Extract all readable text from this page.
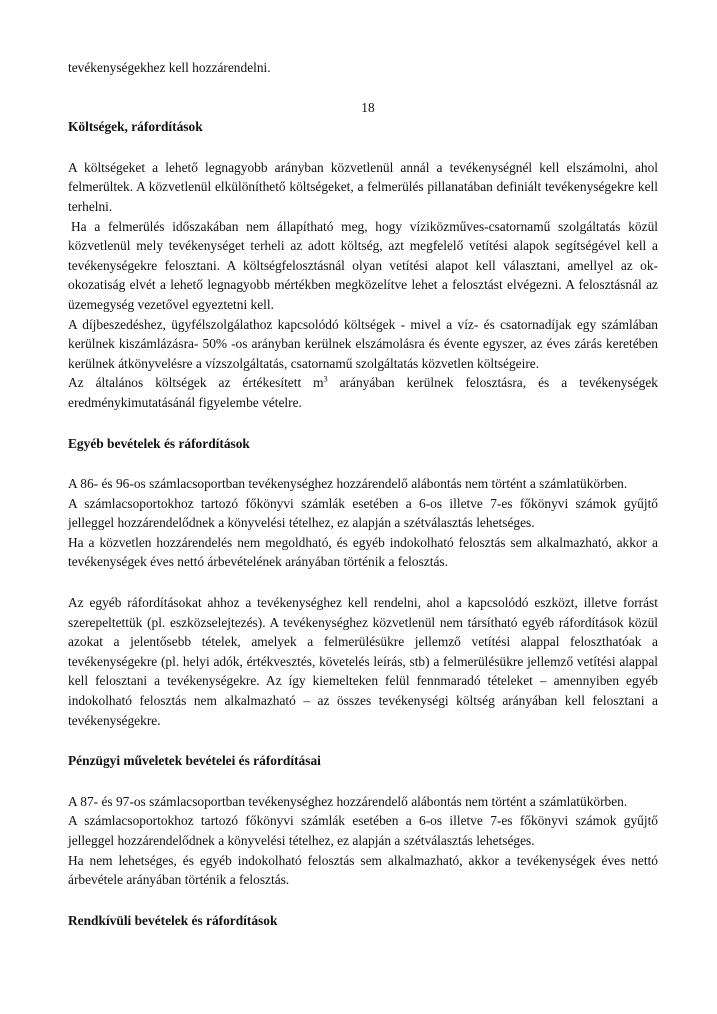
tevékenységekhez kell hozzárendelni.

18

Költségek, ráfordítások

A költségeket a lehető legnagyobb arányban közvetlenül annál a tevékenységnél kell elszámolni, ahol felmerültek. A közvetlenül elkülöníthető költségeket, a felmerülés pillanatában definiált tevékenységekre kell terhelni.

Ha a felmerülés időszakában nem állapítható meg, hogy víziközműves-csatornamű szolgáltatás közül közvetlenül mely tevékenységet terheli az adott költség, azt megfelelő vetítési alapok segítségével kell a tevékenységekre felosztani. A költségfelosztásnál olyan vetítési alapot kell választani, amellyel az ok-okozatiság elvét a lehető legnagyobb mértékben megközelítve lehet a felosztást elvégezni. A felosztásnál az üzemegység vezetővel egyeztetni kell.

A díjbeszedéshez, ügyfélszolgálathoz kapcsolódó költségek - mivel a víz- és csatornadíjak egy számlában kerülnek kiszámlázásra- 50% -os arányban kerülnek elszámolásra és évente egyszer, az éves zárás keretében kerülnek átkönyvelésre a vízszolgáltatás, csatornamű szolgáltatás közvetlen költségeire.

Az általános költségek az értékesített $m^3$ arányában kerülnek felosztásra, és a tevékenységek eredménykimutatásánál figyelembe vételre.

Egyéb bevételek és ráfordítások

A 86- és 96-os számlacsoportban tevékenységhez hozzárendelő alábontás nem történt a számlatükörben.

A számlacsoportokhoz tartozó főkönyvi számlák esetében a 6-os illetve 7-es főkönyvi számok gyűjtő jelleggel hozzárendelődnek a könyvelési tételhez, ez alapján a szétválasztás lehetséges.

Ha a közvetlen hozzárendelés nem megoldható, és egyéb indokolható felosztás sem alkalmazható, akkor a tevékenységek éves nettó árbevételének arányában történik a felosztás.

Az egyéb ráfordításokat ahhoz a tevékenységhez kell rendelni, ahol a kapcsolódó eszközt, illetve forrást szerepeltettük (pl. eszközselejtezés). A tevékenységhez közvetlenül nem társítható egyéb ráfordítások közül azokat a jelentősebb tételek, amelyek a felmerülésükre jellemző vetítési alappal feloszthatóak a tevékenységekre (pl. helyi adók, értékvesztés, követelés leírás, stb) a felmerülésükre jellemző vetítési alappal kell felosztani a tevékenységekre. Az így kiemelteken felül fennmaradó tételeket – amennyiben egyéb indokolható felosztás nem alkalmazható – az összes tevékenységi költség arányában kell felosztani a tevékenységekre.

Pénzügyi műveletek bevételei és ráfordításai

A 87- és 97-os számlacsoportban tevékenységhez hozzárendelő alábontás nem történt a számlatükörben.

A számlacsoportokhoz tartozó főkönyvi számlák esetében a 6-os illetve 7-es főkönyvi számok gyűjtő jelleggel hozzárendelődnek a könyvelési tételhez, ez alapján a szétválasztás lehetséges.

Ha nem lehetséges, és egyéb indokolható felosztás sem alkalmazható, akkor a tevékenységek éves nettó árbevétele arányában történik a felosztás.

Rendkívüli bevételek és ráfordítások
